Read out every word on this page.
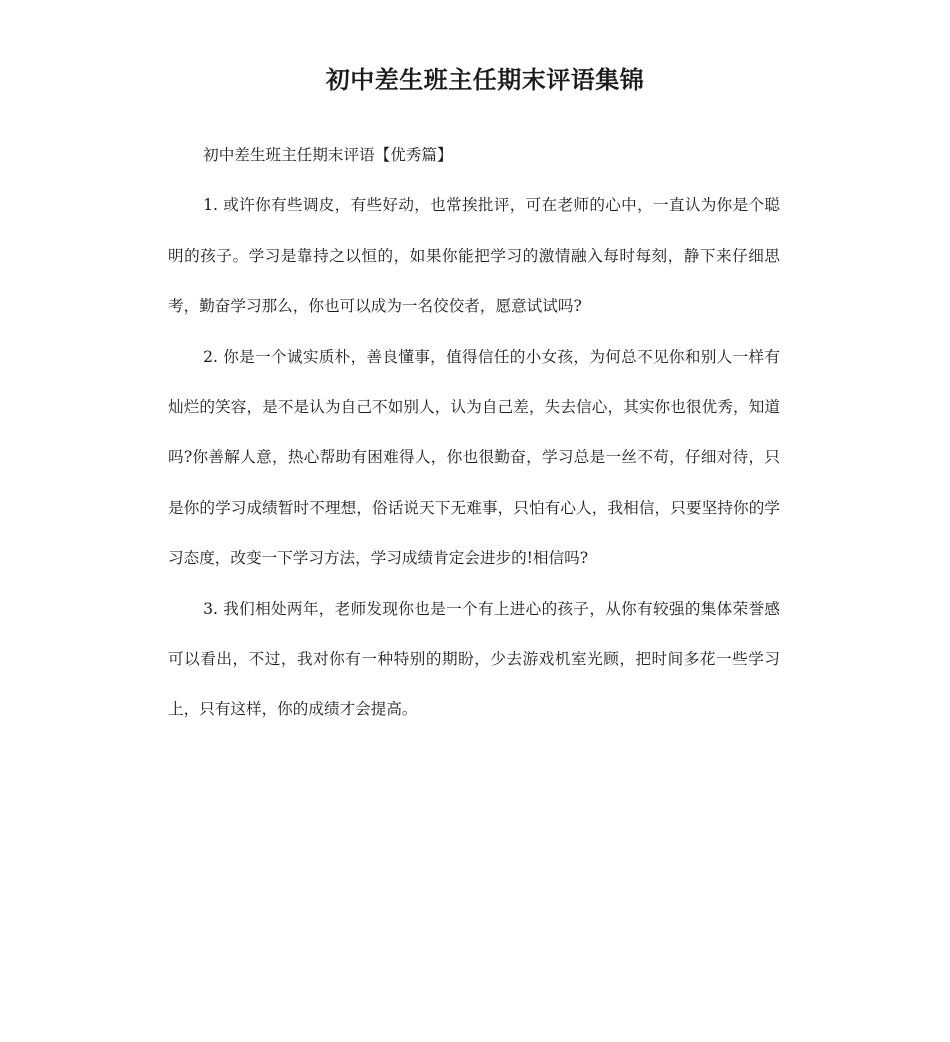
初中差生班主任期末评语集锦

初中差生班主任期末评语【优秀篇】

1. 或许你有些调皮，有些好动，也常挨批评，可在老师的心中，一直认为你是个聪明的孩子。学习是靠持之以恒的，如果你能把学习的激情融入每时每刻，静下来仔细思考，勤奋学习那么，你也可以成为一名佼佼者，愿意试试吗?

2. 你是一个诚实质朴，善良懂事，值得信任的小女孩，为何总不见你和别人一样有灿烂的笑容，是不是认为自己不如别人，认为自己差，失去信心，其实你也很优秀，知道吗?你善解人意，热心帮助有困难得人，你也很勤奋，学习总是一丝不苟，仔细对待，只是你的学习成绩暂时不理想，俗话说天下无难事，只怕有心人，我相信，只要坚持你的学习态度，改变一下学习方法，学习成绩肯定会进步的!相信吗?

3. 我们相处两年，老师发现你也是一个有上进心的孩子，从你有较强的集体荣誉感可以看出，不过，我对你有一种特别的期盼，少去游戏机室光顾，把时间多花一些学习上，只有这样，你的成绩才会提高。
